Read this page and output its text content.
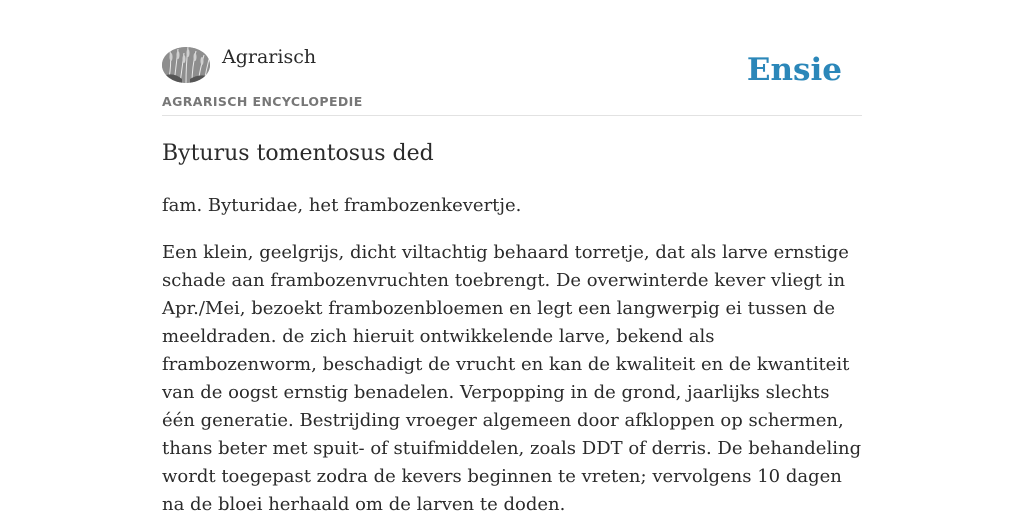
Agrarisch
AGRARISCH ENCYCLOPEDIE
Ensie
Byturus tomentosus ded

fam. Byturidae, het frambozenkevertje.

Een klein, geelgrijs, dicht viltachtig behaard torretje, dat als larve ernstige schade aan frambozenvruchten toebrengt. De overwinterde kever vliegt in Apr./Mei, bezoekt frambozenbloemen en legt een langwerpig ei tussen de meeldraden. de zich hieruit ontwikkelende larve, bekend als frambozenworm, beschadigt de vrucht en kan de kwaliteit en de kwantiteit van de oogst ernstig benadelen. Verpopping in de grond, jaarlijks slechts één generatie. Bestrijding vroeger algemeen door afkloppen op schermen, thans beter met spuit- of stuifmiddelen, zoals DDT of derris. De behandeling wordt toegepast zodra de kevers beginnen te vreten; vervolgens 10 dagen na de bloei herhaald om de larven te doden.
